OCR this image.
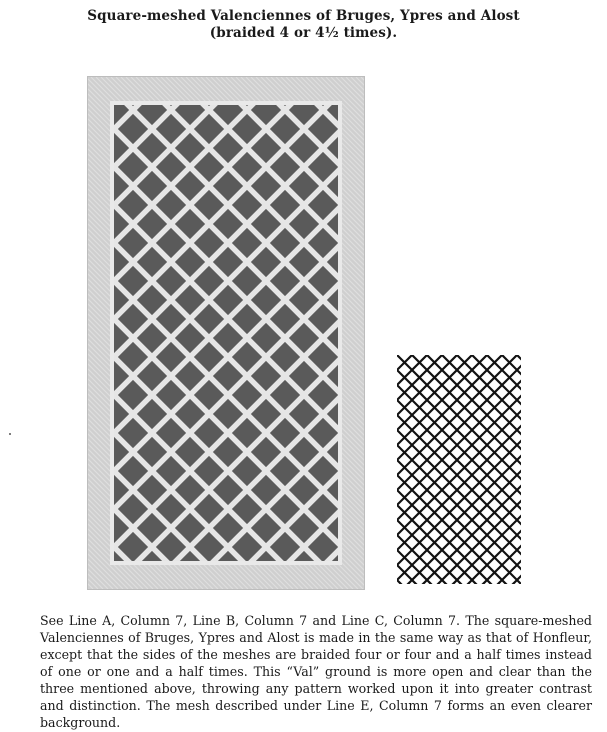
Square-meshed Valenciennes of Bruges, Ypres and Alost
(braided 4 or 4½ times).

See Line A, Column 7, Line B, Column 7 and Line C, Column 7. The square-meshed Valenciennes of Bruges, Ypres and Alost is made in the same way as that of Honfleur, except that the sides of the meshes are braided four or four and a half times instead of one or one and a half times. This “Val” ground is more open and clear than the three mentioned above, throwing any pattern worked upon it into greater contrast and distinction. The mesh described under Line E, Column 7 forms an even clearer background.
